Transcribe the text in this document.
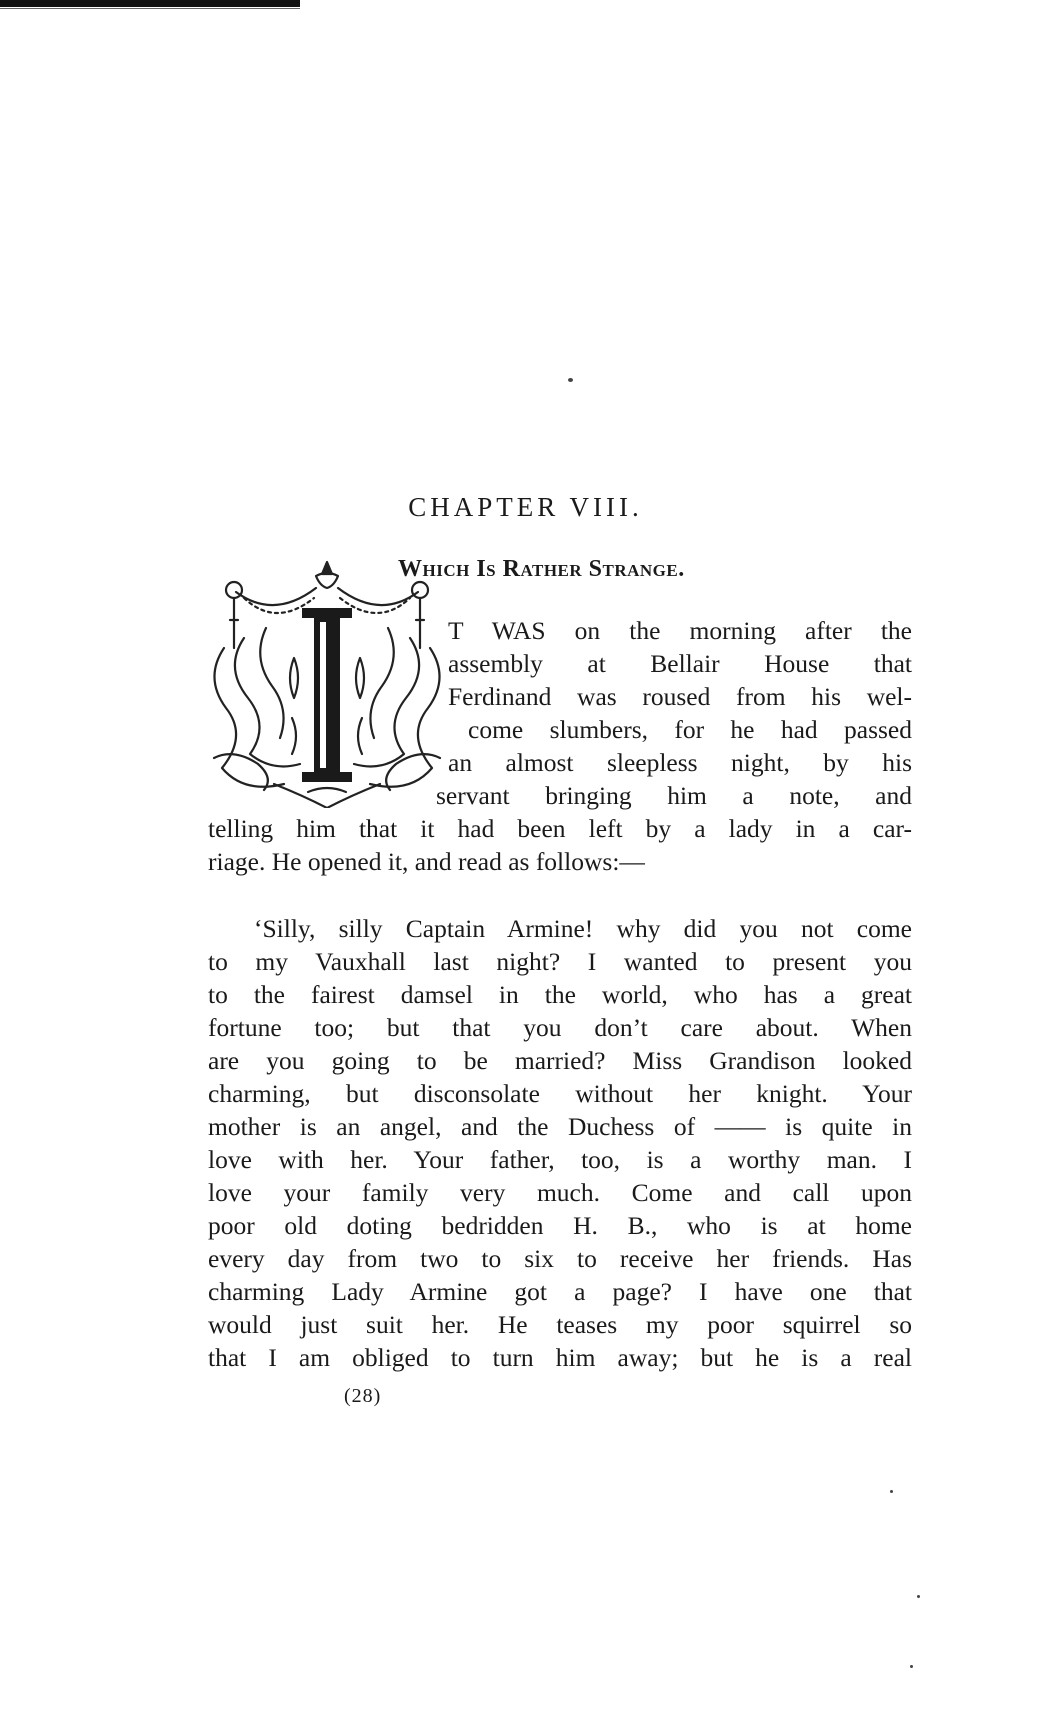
CHAPTER VIII.
Which Is Rather Strange.
T WAS on the morning after the
assembly at Bellair House that
Ferdinand was roused from his wel-
come slumbers, for he had passed
an almost sleepless night, by his
servant bringing him a note, and
telling him that it had been left by a lady in a car-
riage. He opened it, and read as follows:—
‘Silly, silly Captain Armine! why did you not come
to my Vauxhall last night? I wanted to present you
to the fairest damsel in the world, who has a great
fortune too; but that you don’t care about. When
are you going to be married? Miss Grandison looked
charming, but disconsolate without her knight. Your
mother is an angel, and the Duchess of —— is quite in
love with her. Your father, too, is a worthy man. I
love your family very much. Come and call upon
poor old doting bedridden H. B., who is at home
every day from two to six to receive her friends. Has
charming Lady Armine got a page? I have one that
would just suit her. He teases my poor squirrel so
that I am obliged to turn him away; but he is a real
(28)
